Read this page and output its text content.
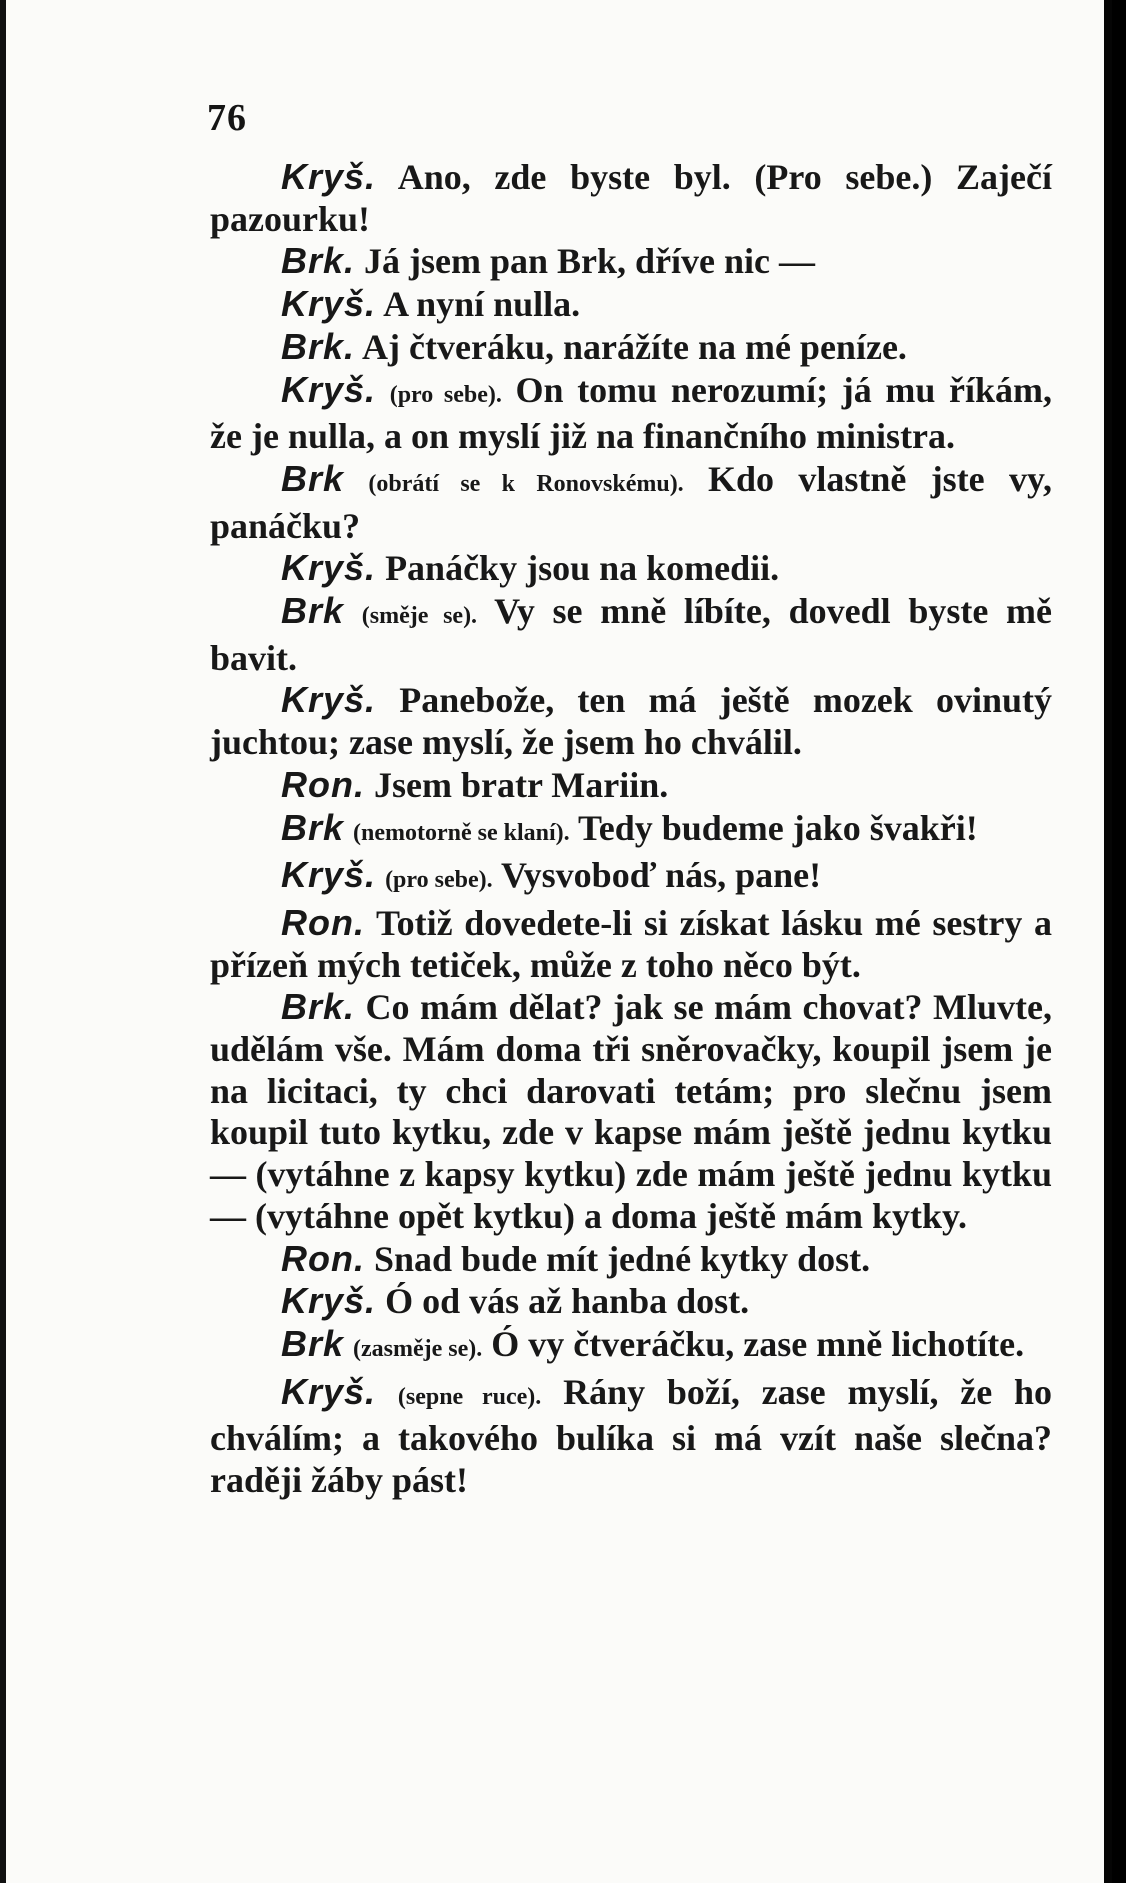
76

Kryš. Ano, zde byste byl. (Pro sebe.) Zaječí pazourku!

Brk. Já jsem pan Brk, dříve nic —

Kryš. A nyní nulla.

Brk. Aj čtveráku, narážíte na mé peníze.

Kryš. (pro sebe). On tomu nerozumí; já mu říkám, že je nulla, a on myslí již na finančního ministra.

Brk (obrátí se k Ronovskému). Kdo vlastně jste vy, panáčku?

Kryš. Panáčky jsou na komedii.

Brk (směje se). Vy se mně líbíte, dovedl byste mě bavit.

Kryš. Panebože, ten má ještě mozek ovinutý juchtou; zase myslí, že jsem ho chválil.

Ron. Jsem bratr Mariin.

Brk (nemotorně se klaní). Tedy budeme jako švakři!

Kryš. (pro sebe). Vysvoboď nás, pane!

Ron. Totiž dovedete-li si získat lásku mé sestry a přízeň mých tetiček, může z toho něco být.

Brk. Co mám dělat? jak se mám chovat? Mluvte, udělám vše. Mám doma tři sněrovačky, koupil jsem je na licitaci, ty chci darovati tetám; pro slečnu jsem koupil tuto kytku, zde v kapse mám ještě jednu kytku — (vytáhne z kapsy kytku) zde mám ještě jednu kytku — (vytáhne opět kytku) a doma ještě mám kytky.

Ron. Snad bude mít jedné kytky dost.

Kryš. Ó od vás až hanba dost.

Brk (zasměje se). Ó vy čtveráčku, zase mně lichotíte.

Kryš. (sepne ruce). Rány boží, zase myslí, že ho chválím; a takového bulíka si má vzít naše slečna? raději žáby pást!
